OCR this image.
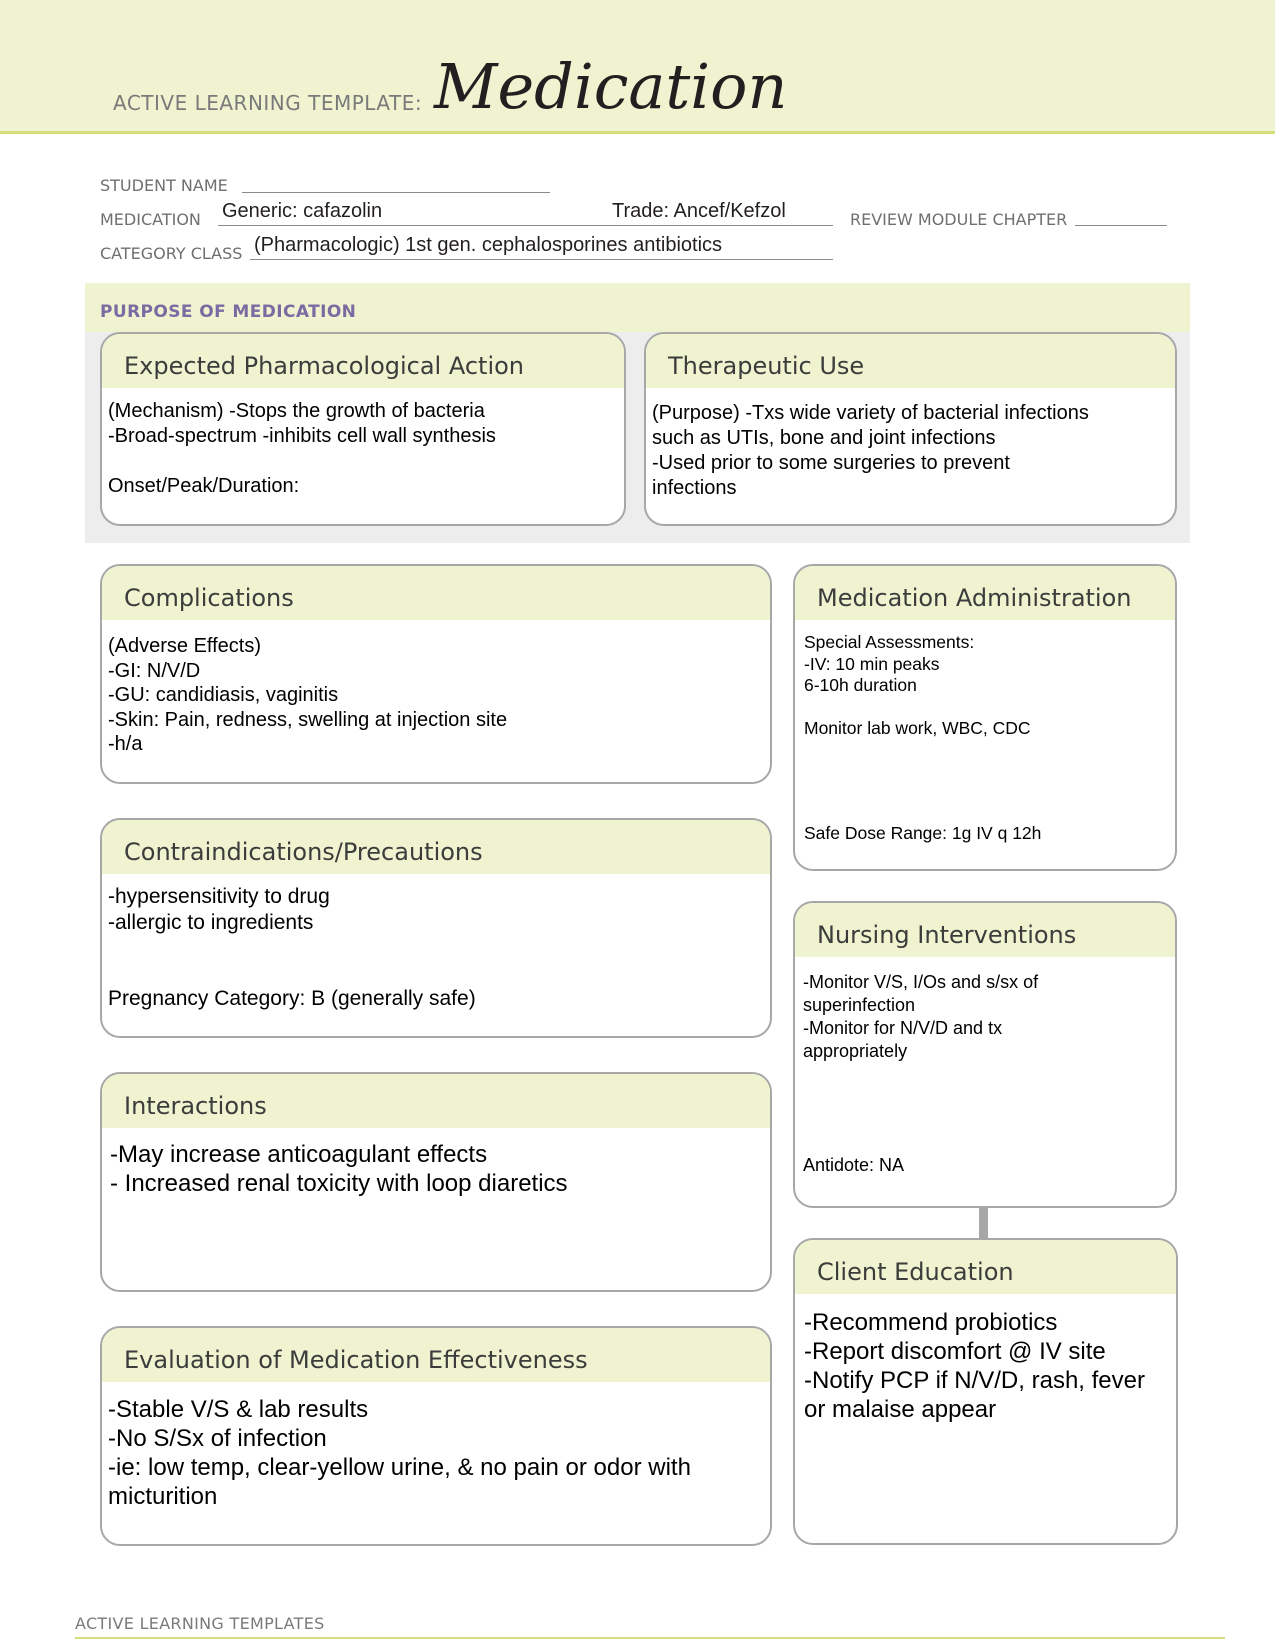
ACTIVE LEARNING TEMPLATE: Medication
STUDENT NAME
MEDICATION Generic: cafazolin	Trade: Ancef/Kefzol	REVIEW MODULE CHAPTER
CATEGORY CLASS (Pharmacologic) 1st gen. cephalosporines antibiotics
PURPOSE OF MEDICATION
Expected Pharmacological Action
(Mechanism) -Stops the growth of bacteria
-Broad-spectrum -inhibits cell wall synthesis

Onset/Peak/Duration:
Therapeutic Use
(Purpose) -Txs wide variety of bacterial infections
such as UTIs, bone and joint infections
-Used prior to some surgeries to prevent
infections
Complications
(Adverse Effects)
-GI: N/V/D
-GU: candidiasis, vaginitis
-Skin: Pain, redness, swelling at injection site
-h/a
Contraindications/Precautions
-hypersensitivity to drug
-allergic to ingredients

Pregnancy Category: B (generally safe)
Interactions
-May increase anticoagulant effects
- Increased renal toxicity with loop diaretics
Evaluation of Medication Effectiveness
-Stable V/S & lab results
-No S/Sx of infection
-ie: low temp, clear-yellow urine, & no pain or odor with
micturition
Medication Administration
Special Assessments:
-IV: 10 min peaks
6-10h duration

Monitor lab work, WBC, CDC
Safe Dose Range: 1g IV q 12h
Nursing Interventions
-Monitor V/S, I/Os and s/sx of
superinfection
-Monitor for N/V/D and tx
appropriately
Antidote: NA
Client Education
-Recommend probiotics
-Report discomfort @ IV site
-Notify PCP if N/V/D, rash, fever
or malaise appear
ACTIVE LEARNING TEMPLATES
